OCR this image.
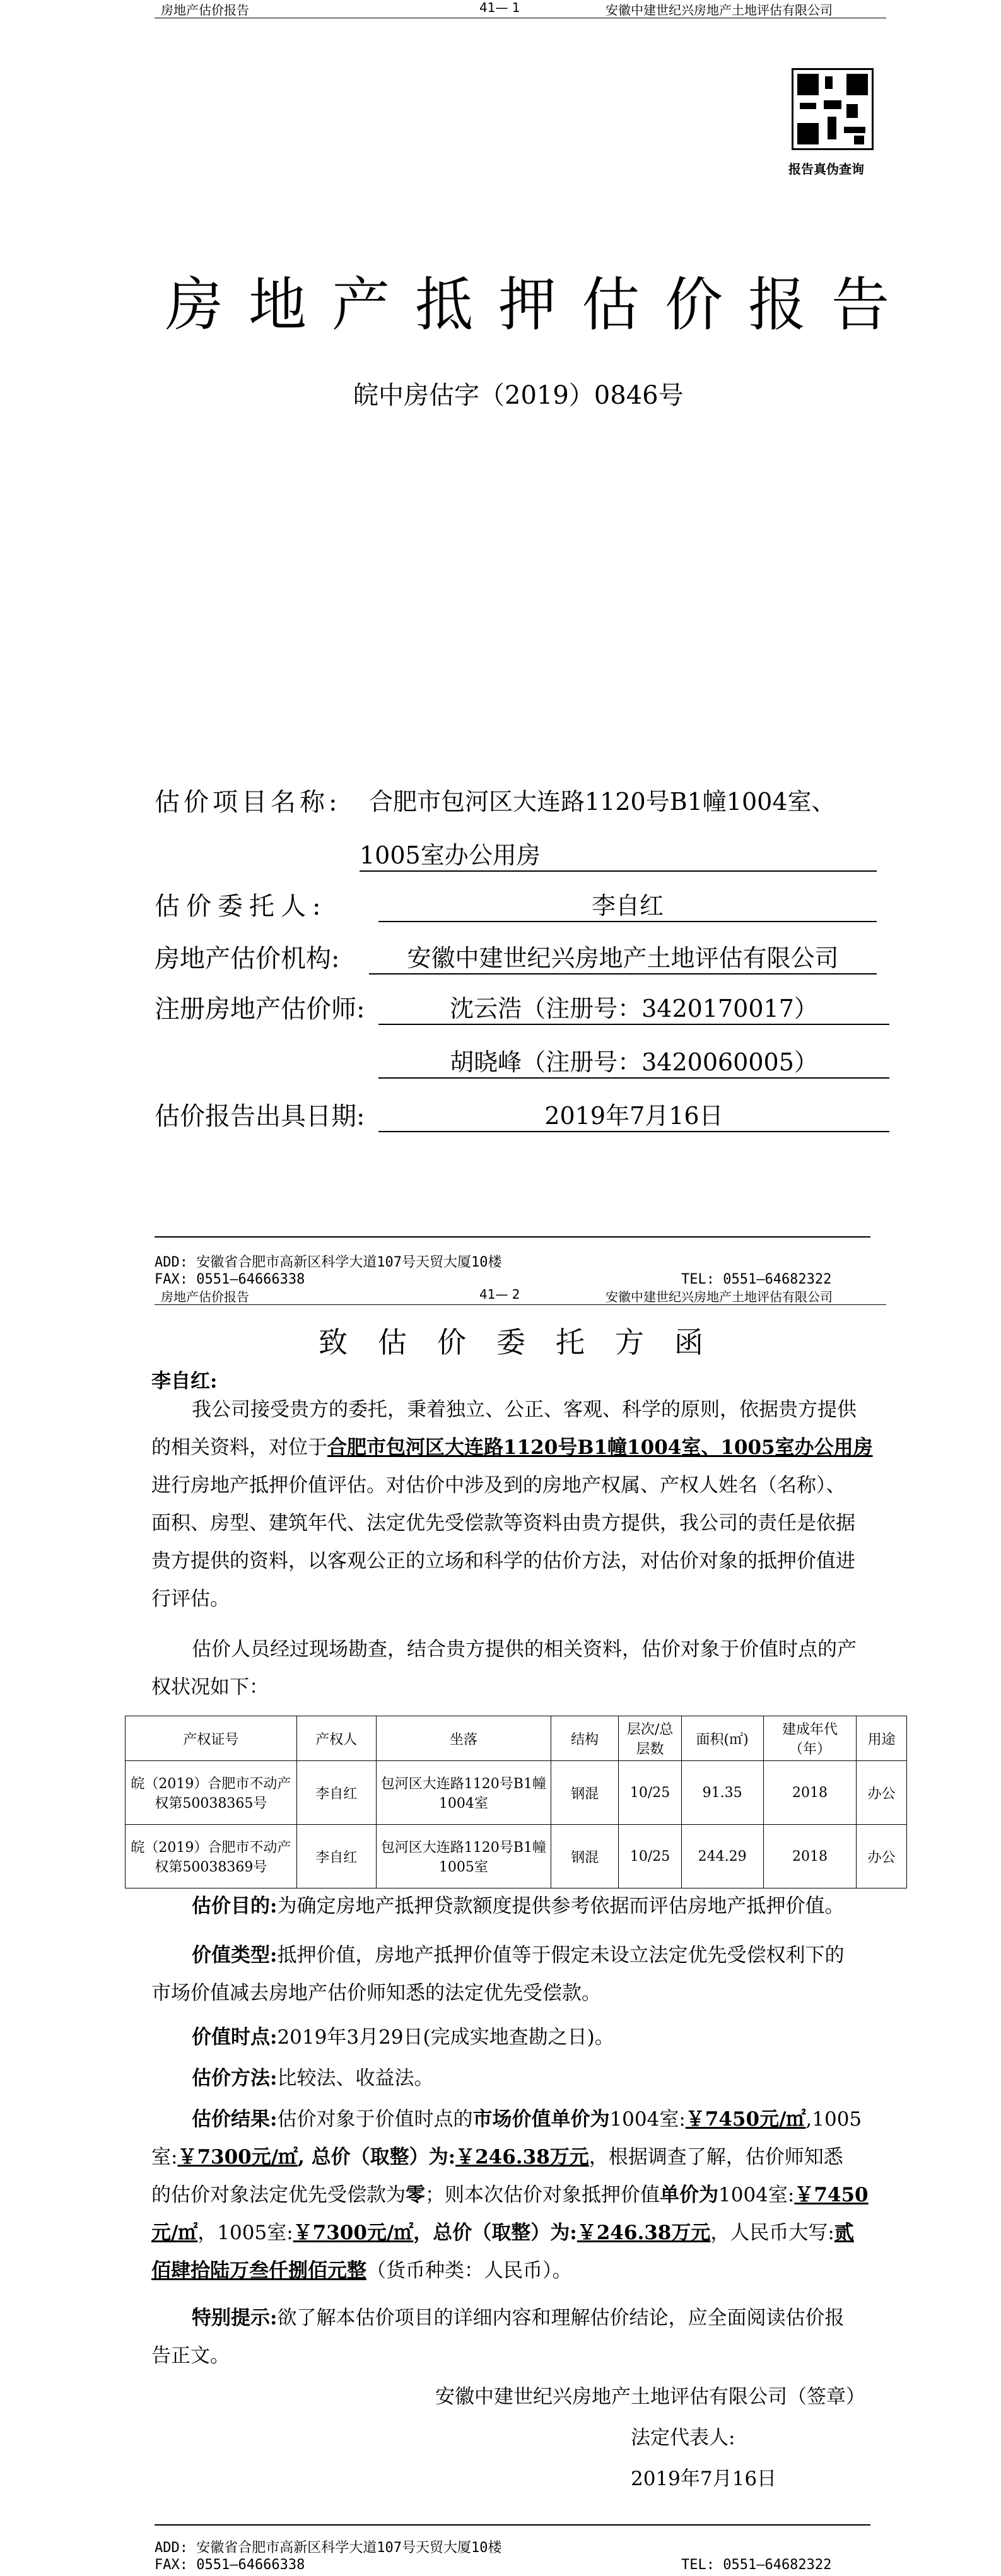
房地产估价报告	41— 1	安徽中建世纪兴房地产土地评估有限公司
报告真伪查询
房地产抵押估价报告
皖中房估字（2019）0846号
估价项目名称: 合肥市包河区大连路1120号B1幢1004室、
1005室办公用房
估价委托人:	李自红
房地产估价机构:	安徽中建世纪兴房地产土地评估有限公司
注册房地产估价师:	沈云浩（注册号：3420170017）
胡晓峰（注册号：3420060005）
估价报告出具日期:	2019年7月16日
ADD: 安徽省合肥市高新区科学大道107号天贸大厦10楼
FAX: 0551—64666338	TEL: 0551—64682322
房地产估价报告	41— 2	安徽中建世纪兴房地产土地评估有限公司
致估价委托方函
李自红:
我公司接受贵方的委托，秉着独立、公正、客观、科学的原则，依据贵方提供
的相关资料，对位于合肥市包河区大连路1120号B1幢1004室、1005室办公用房
进行房地产抵押价值评估。对估价中涉及到的房地产权属、产权人姓名（名称）、
面积、房型、建筑年代、法定优先受偿款等资料由贵方提供，我公司的责任是依据
贵方提供的资料，以客观公正的立场和科学的估价方法，对估价对象的抵押价值进
行评估。
估价人员经过现场勘查，结合贵方提供的相关资料，估价对象于价值时点的产
权状况如下：
产权证号	产权人	坐落	结构	层次/总层数	面积(㎡)	建成年代（年）	用途
皖（2019）合肥市不动产权第50038365号	李自红	包河区大连路1120号B1幢1004室	钢混	10/25	91.35	2018	办公
皖（2019）合肥市不动产权第50038369号	李自红	包河区大连路1120号B1幢1005室	钢混	10/25	244.29	2018	办公
估价目的:为确定房地产抵押贷款额度提供参考依据而评估房地产抵押价值。
价值类型:抵押价值，房地产抵押价值等于假定未设立法定优先受偿权利下的
市场价值减去房地产估价师知悉的法定优先受偿款。
价值时点:2019年3月29日(完成实地查勘之日)。
估价方法:比较法、收益法。
估价结果:估价对象于价值时点的市场价值单价为1004室:￥7450元/㎡,1005
室:￥7300元/㎡, 总价（取整）为:￥246.38万元，根据调查了解，估价师知悉
的估价对象法定优先受偿款为零；则本次估价对象抵押价值单价为1004室:￥7450
元/㎡，1005室:￥7300元/㎡，总价（取整）为:￥246.38万元，人民币大写:贰
佰肆拾陆万叁仟捌佰元整（货币种类：人民币）。
特别提示:欲了解本估价项目的详细内容和理解估价结论，应全面阅读估价报
告正文。
安徽中建世纪兴房地产土地评估有限公司（签章）
法定代表人:
2019年7月16日
ADD: 安徽省合肥市高新区科学大道107号天贸大厦10楼
FAX: 0551—64666338	TEL: 0551—64682322
